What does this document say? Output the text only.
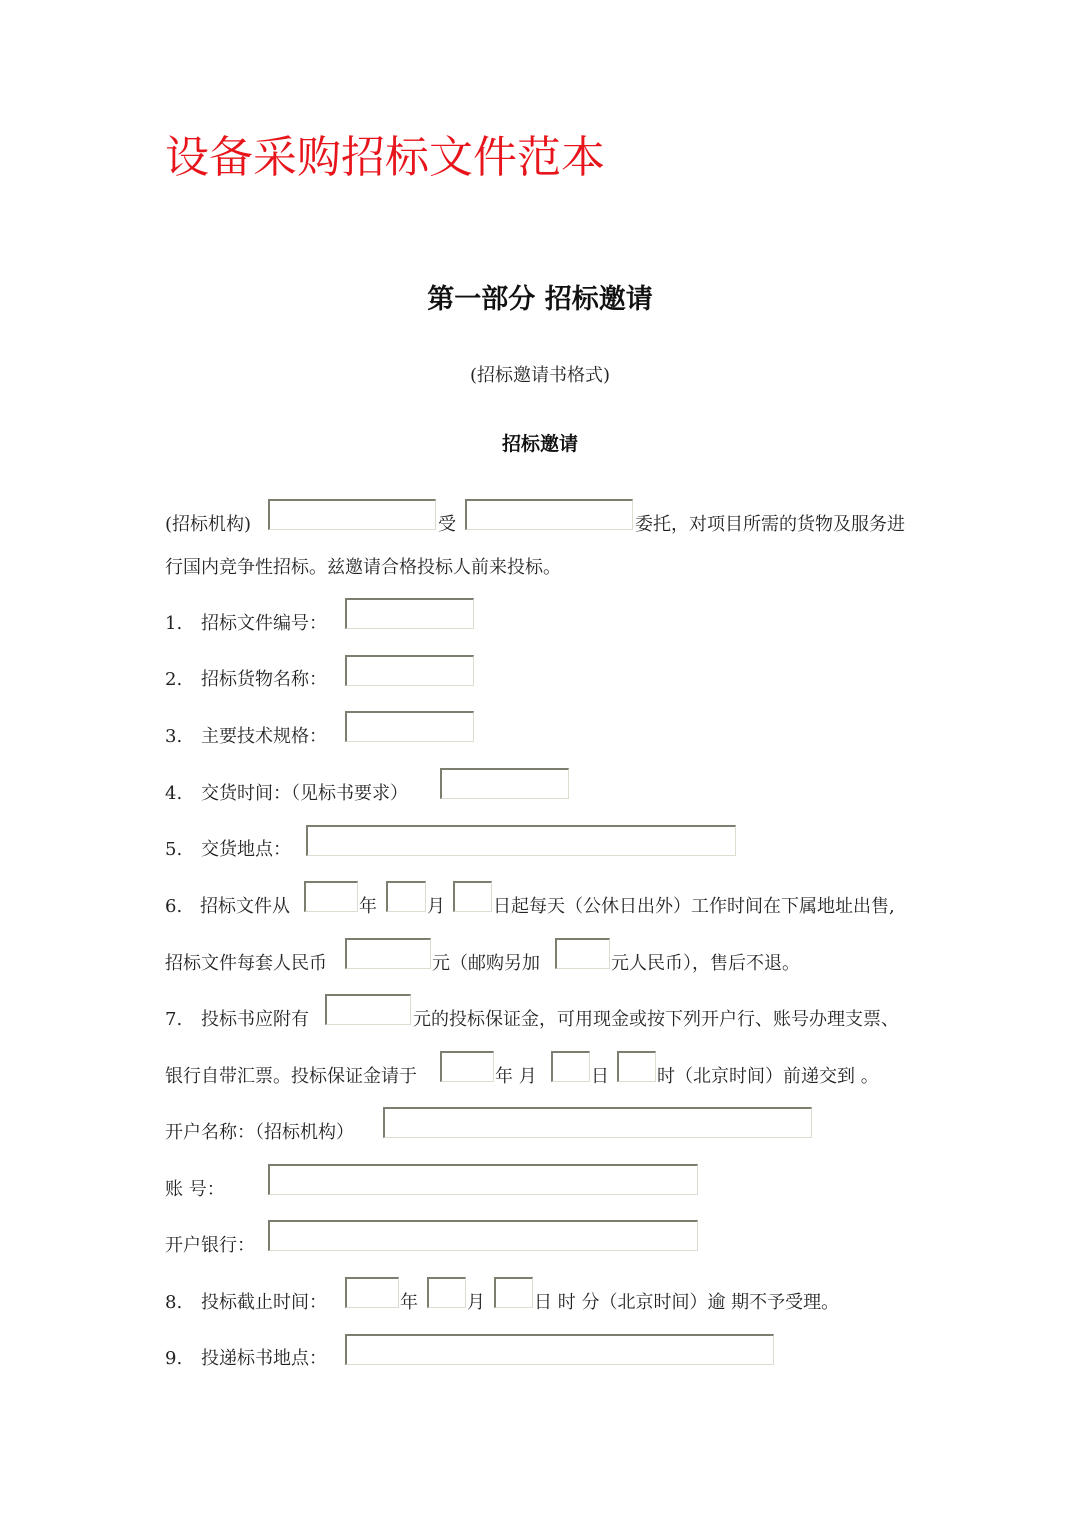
设备采购招标文件范本
第一部分 招标邀请
(招标邀请书格式)
招标邀请
(招标机构)	受	委托，对项目所需的货物及服务进
行国内竞争性招标。兹邀请合格投标人前来投标。
1. 招标文件编号：
2. 招标货物名称：
3. 主要技术规格：
4. 交货时间：（见标书要求）
5. 交货地点：
6. 招标文件从	年	月	日起每天（公休日出外）工作时间在下属地址出售,
招标文件每套人民币	元（邮购另加	元人民币），售后不退。
7. 投标书应附有	元的投标保证金，可用现金或按下列开户行、账号办理支票、
银行自带汇票。投标保证金请于	年 月	日	时（北京时间）前递交到 。
开户名称：（招标机构）
账 号：
开户银行：
8. 投标截止时间：	年	月	日 时 分（北京时间）逾 期不予受理。
9. 投递标书地点：
